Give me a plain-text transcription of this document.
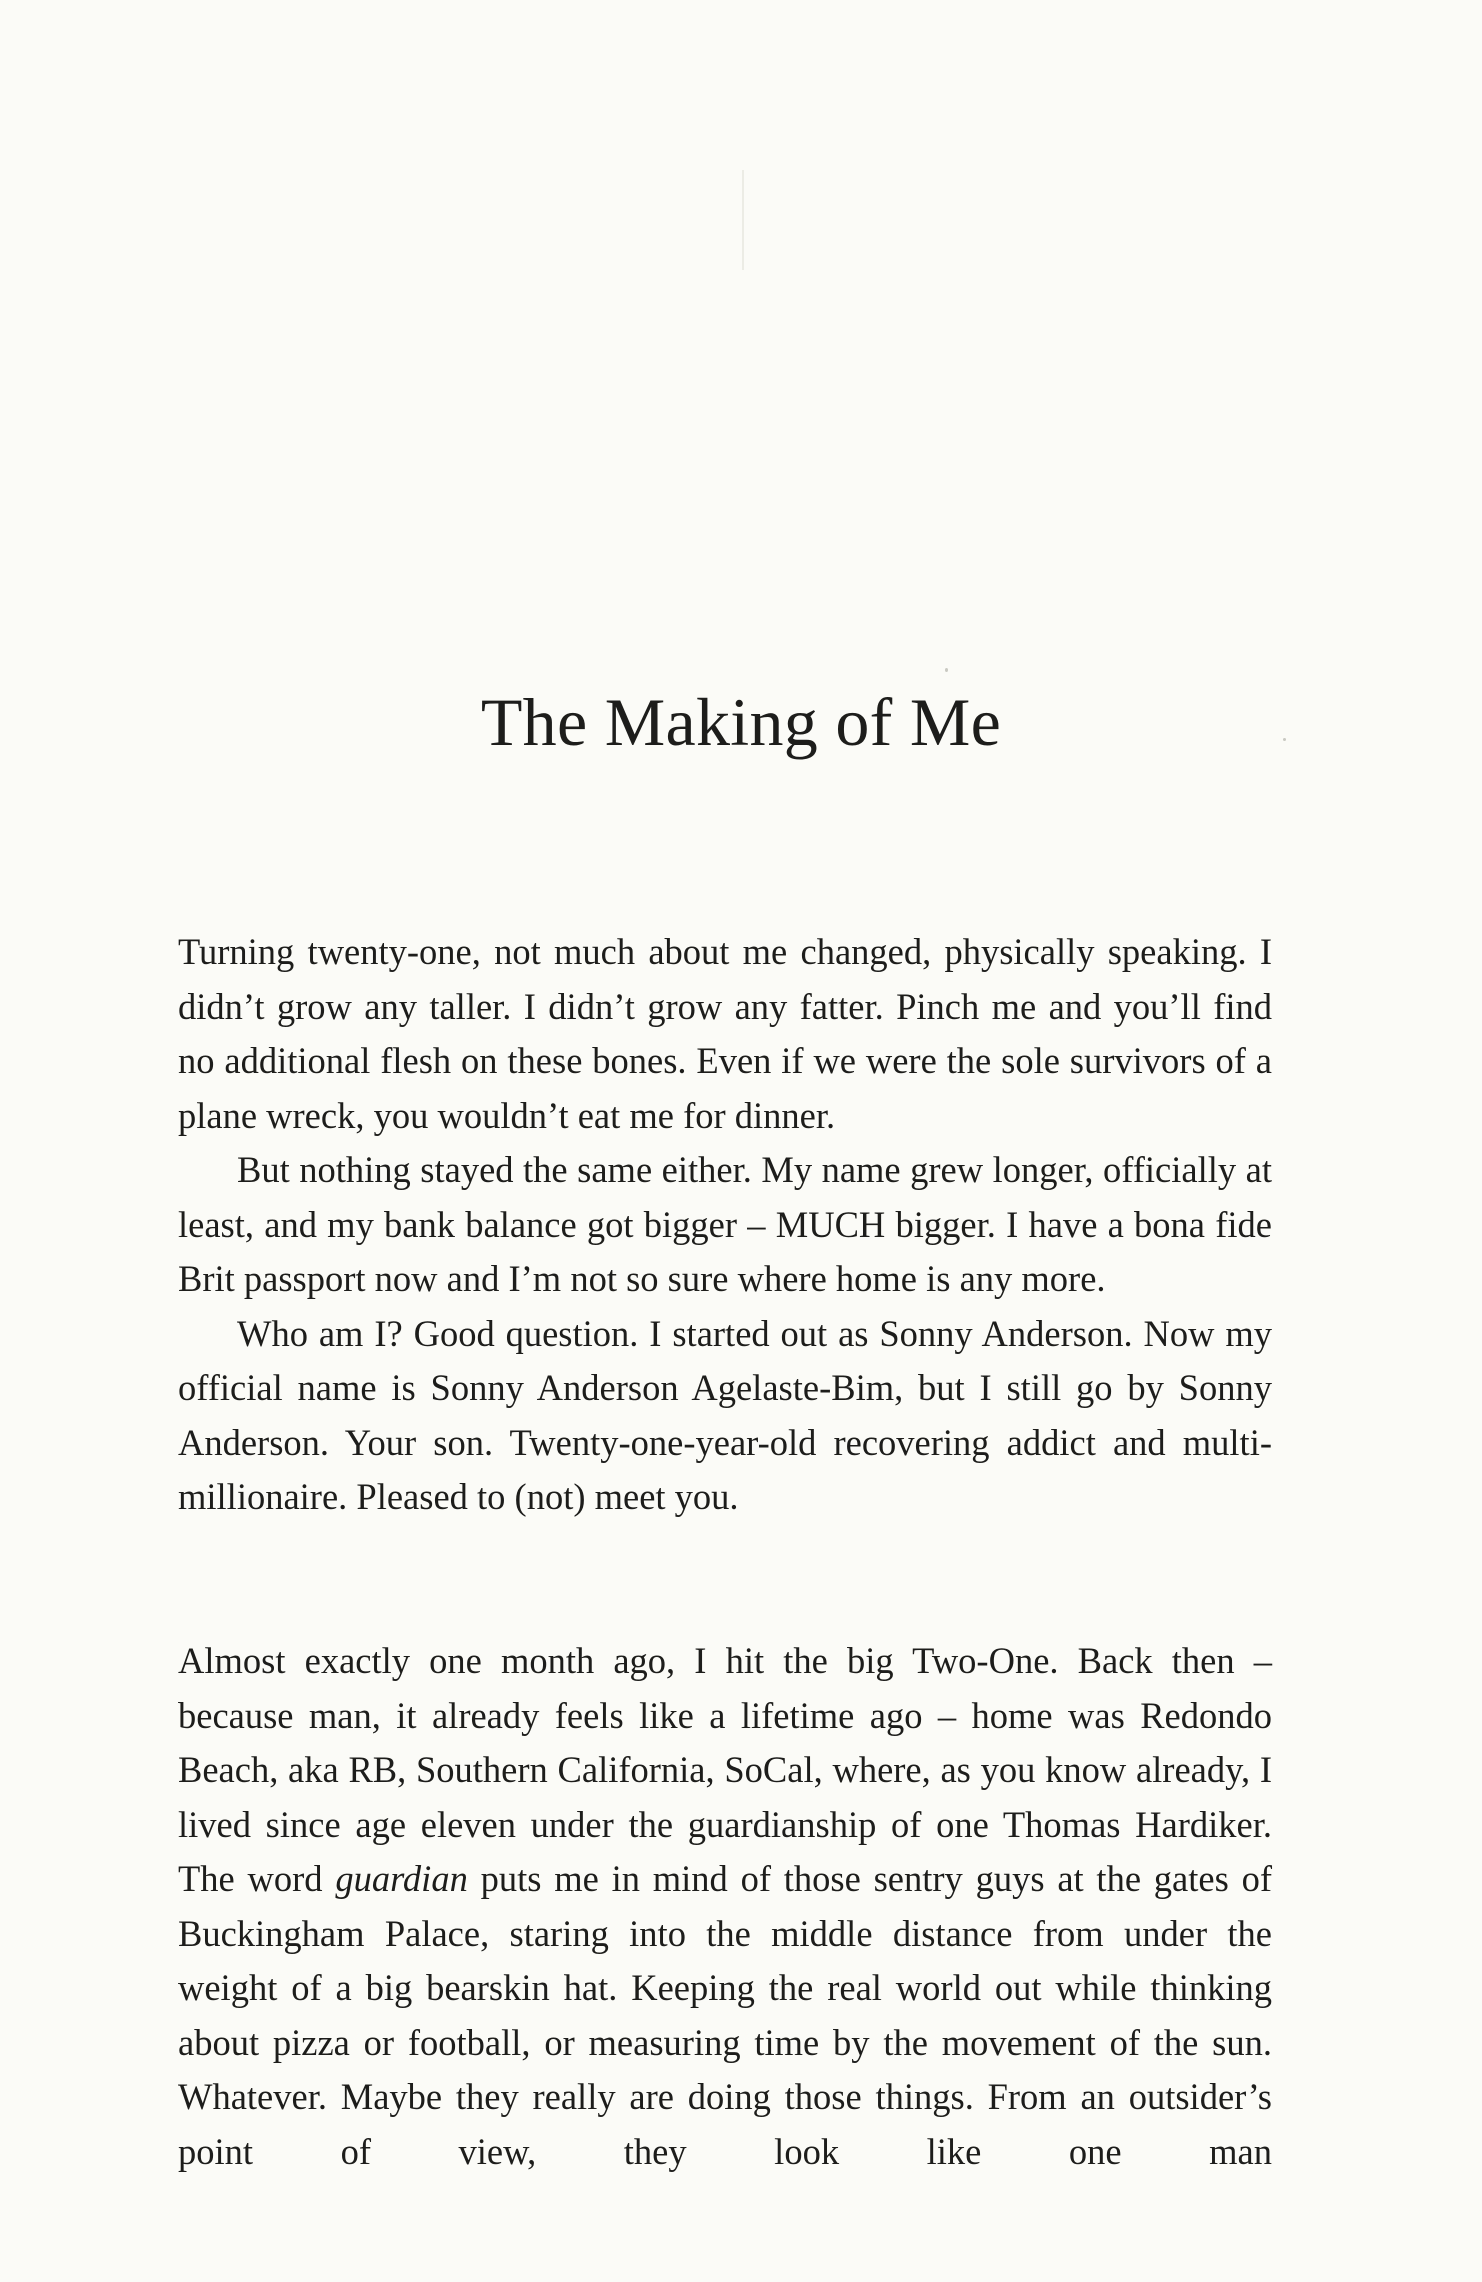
The Making of Me

Turning twenty-one, not much about me changed, physically speaking. I didn’t grow any taller. I didn’t grow any fatter. Pinch me and you’ll find no additional flesh on these bones. Even if we were the sole survivors of a plane wreck, you wouldn’t eat me for dinner.

But nothing stayed the same either. My name grew longer, officially at least, and my bank balance got bigger – MUCH bigger. I have a bona fide Brit passport now and I’m not so sure where home is any more.

Who am I? Good question. I started out as Sonny Anderson. Now my official name is Sonny Anderson Agelaste-Bim, but I still go by Sonny Anderson. Your son. Twenty-one-year-old recovering addict and multi-millionaire. Pleased to (not) meet you.

Almost exactly one month ago, I hit the big Two-One. Back then – because man, it already feels like a lifetime ago – home was Redondo Beach, aka RB, Southern California, SoCal, where, as you know already, I lived since age eleven under the guardianship of one Thomas Hardiker. The word guardian puts me in mind of those sentry guys at the gates of Buckingham Palace, staring into the middle distance from under the weight of a big bearskin hat. Keeping the real world out while thinking about pizza or football, or measuring time by the movement of the sun. Whatever. Maybe they really are doing those things. From an outsider’s point of view, they look like one man
